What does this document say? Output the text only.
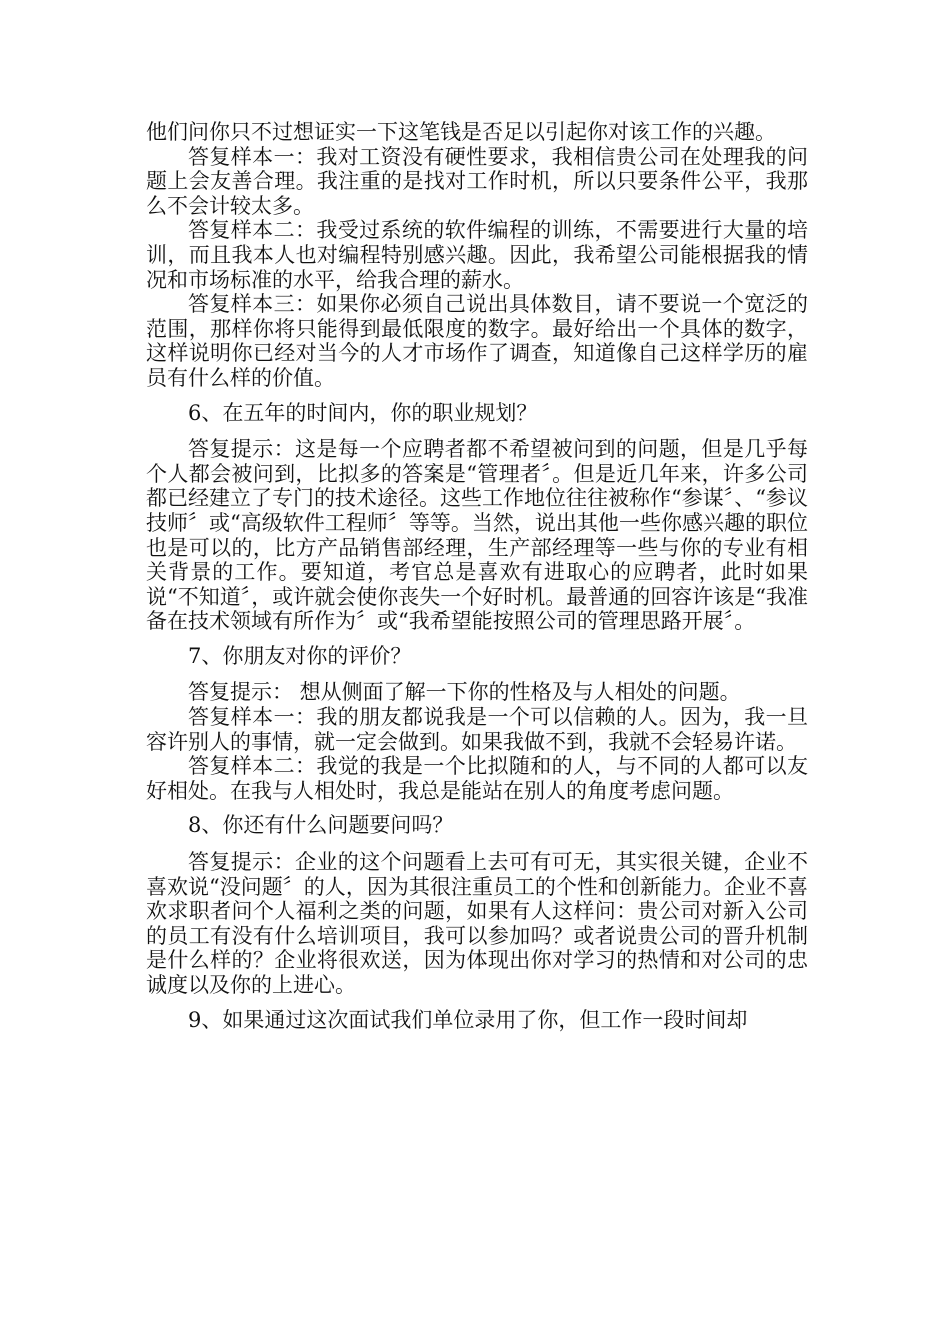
他们问你只不过想证实一下这笔钱是否足以引起你对该工作的兴趣。

答复样本一：我对工资没有硬性要求，我相信贵公司在处理我的问题上会友善合理。我注重的是找对工作时机，所以只要条件公平，我那么不会计较太多。

答复样本二：我受过系统的软件编程的训练，不需要进行大量的培训，而且我本人也对编程特别感兴趣。因此，我希望公司能根据我的情况和市场标准的水平，给我合理的薪水。

答复样本三：如果你必须自己说出具体数目，请不要说一个宽泛的范围，那样你将只能得到最低限度的数字。最好给出一个具体的数字，这样说明你已经对当今的人才市场作了调查，知道像自己这样学历的雇员有什么样的价值。

6、在五年的时间内，你的职业规划？

答复提示：这是每一个应聘者都不希望被问到的问题，但是几乎每个人都会被问到，比拟多的答案是“管理者〞。但是近几年来，许多公司都已经建立了专门的技术途径。这些工作地位往往被称作“参谋〞、“参议技师〞或“高级软件工程师〞等等。当然，说出其他一些你感兴趣的职位也是可以的，比方产品销售部经理，生产部经理等一些与你的专业有相关背景的工作。要知道，考官总是喜欢有进取心的应聘者，此时如果说“不知道〞，或许就会使你丧失一个好时机。最普通的回容许该是“我准备在技术领域有所作为〞或“我希望能按照公司的管理思路开展〞。

7、你朋友对你的评价？

答复提示： 想从侧面了解一下你的性格及与人相处的问题。

答复样本一：我的朋友都说我是一个可以信赖的人。因为，我一旦容许别人的事情，就一定会做到。如果我做不到，我就不会轻易许诺。

答复样本二：我觉的我是一个比拟随和的人，与不同的人都可以友好相处。在我与人相处时，我总是能站在别人的角度考虑问题。

8、你还有什么问题要问吗？

答复提示：企业的这个问题看上去可有可无，其实很关键，企业不喜欢说“没问题〞的人，因为其很注重员工的个性和创新能力。企业不喜欢求职者问个人福利之类的问题，如果有人这样问：贵公司对新入公司的员工有没有什么培训项目，我可以参加吗？或者说贵公司的晋升机制是什么样的？企业将很欢送，因为体现出你对学习的热情和对公司的忠诚度以及你的上进心。

9、如果通过这次面试我们单位录用了你，但工作一段时间却
